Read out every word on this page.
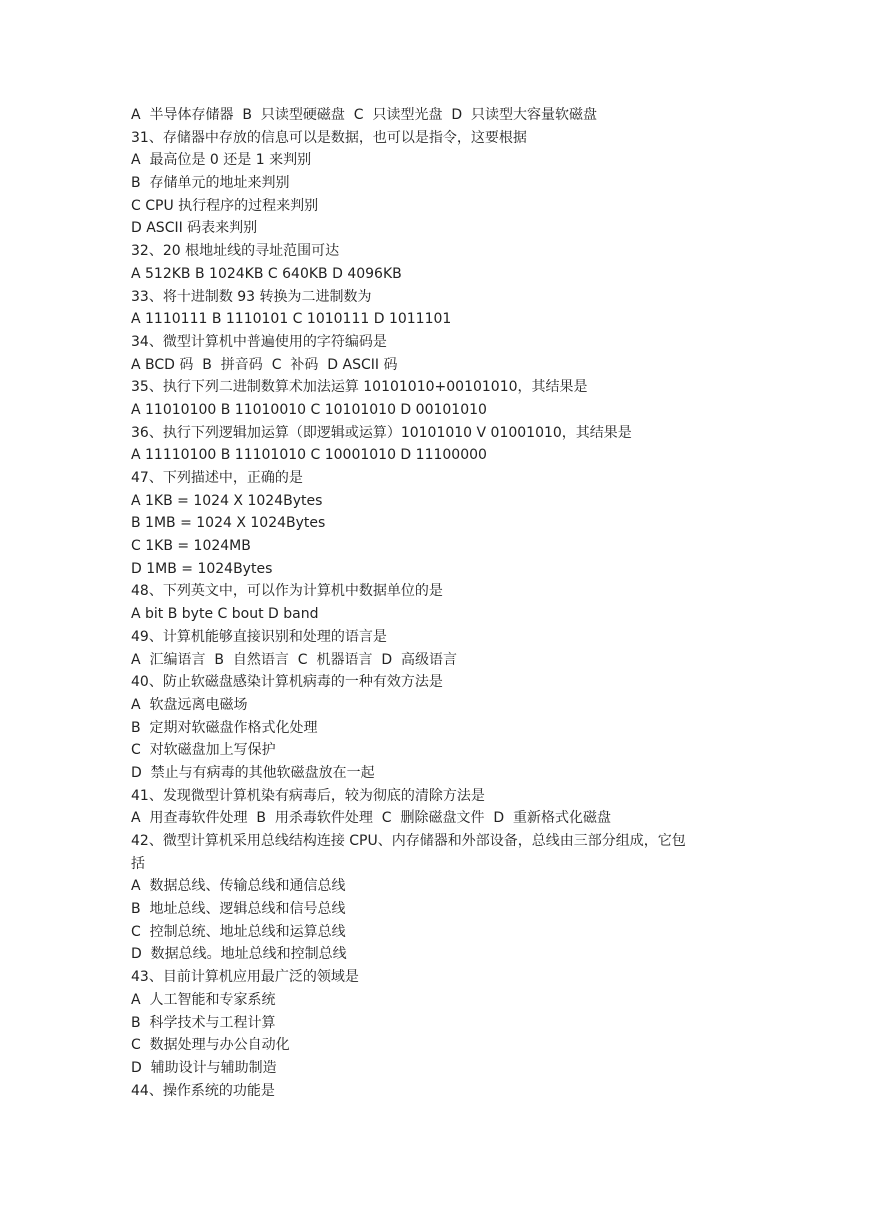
A  半导体存储器  B  只读型硬磁盘  C  只读型光盘  D  只读型大容量软磁盘
31、存储器中存放的信息可以是数据，也可以是指令，这要根据
A  最高位是 0 还是 1 来判别
B  存储单元的地址来判别
C CPU 执行程序的过程来判别
D ASCII 码表来判别
32、20 根地址线的寻址范围可达
A 512KB B 1024KB C 640KB D 4096KB
33、将十进制数 93 转换为二进制数为
A 1110111 B 1110101 C 1010111 D 1011101
34、微型计算机中普遍使用的字符编码是
A BCD 码  B  拼音码  C  补码  D ASCII 码
35、执行下列二进制数算术加法运算 10101010+00101010，其结果是
A 11010100 B 11010010 C 10101010 D 00101010
36、执行下列逻辑加运算（即逻辑或运算）10101010 V 01001010，其结果是
A 11110100 B 11101010 C 10001010 D 11100000
47、下列描述中，正确的是
A 1KB = 1024 X 1024Bytes
B 1MB = 1024 X 1024Bytes
C 1KB = 1024MB
D 1MB = 1024Bytes
48、下列英文中，可以作为计算机中数据单位的是
A bit B byte C bout D band
49、计算机能够直接识别和处理的语言是
A  汇编语言  B  自然语言  C  机器语言  D  高级语言
40、防止软磁盘感染计算机病毒的一种有效方法是
A  软盘远离电磁场
B  定期对软磁盘作格式化处理
C  对软磁盘加上写保护
D  禁止与有病毒的其他软磁盘放在一起
41、发现微型计算机染有病毒后，较为彻底的清除方法是
A  用查毒软件处理  B  用杀毒软件处理  C  删除磁盘文件  D  重新格式化磁盘
42、微型计算机采用总线结构连接 CPU、内存储器和外部设备，总线由三部分组成，它包
括
A  数据总线、传输总线和通信总线
B  地址总线、逻辑总线和信号总线
C  控制总统、地址总线和运算总线
D  数据总线。地址总线和控制总线
43、目前计算机应用最广泛的领域是
A  人工智能和专家系统
B  科学技术与工程计算
C  数据处理与办公自动化
D  辅助设计与辅助制造
44、操作系统的功能是
